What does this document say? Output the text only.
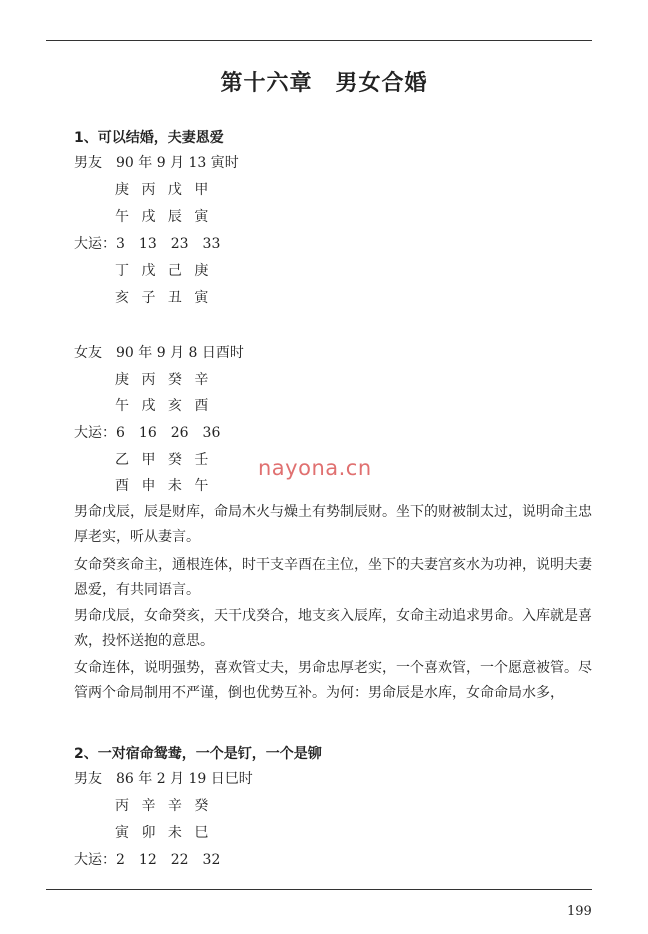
第十六章　男女合婚
1、可以结婚，夫妻恩爱
男友　90 年 9 月 13 寅时
庚 丙 戊 甲
午 戌 辰 寅
大运：3　13　23　33
丁 戊 己 庚
亥 子 丑 寅
女友　90 年 9 月 8 日酉时
庚 丙 癸 辛
午 戌 亥 酉
大运：6　16　26　36
乙 甲 癸 壬
酉 申 未 午
nayona.cn
男命戊辰，辰是财库，命局木火与燥土有势制辰财。坐下的财被制太过，说明命主忠厚老实，听从妻言。
女命癸亥命主，通根连体，时干支辛酉在主位，坐下的夫妻宫亥水为功神，说明夫妻恩爱，有共同语言。
男命戊辰，女命癸亥，天干戊癸合，地支亥入辰库，女命主动追求男命。入库就是喜欢，投怀送抱的意思。
女命连体，说明强势，喜欢管丈夫，男命忠厚老实，一个喜欢管，一个愿意被管。尽管两个命局制用不严谨，倒也优势互补。为何：男命辰是水库，女命命局水多，
2、一对宿命鸳鸯，一个是钉，一个是铆
男友　86 年 2 月 19 日巳时
丙 辛 辛 癸
寅 卯 未 巳
大运：2　12　22　32
199
